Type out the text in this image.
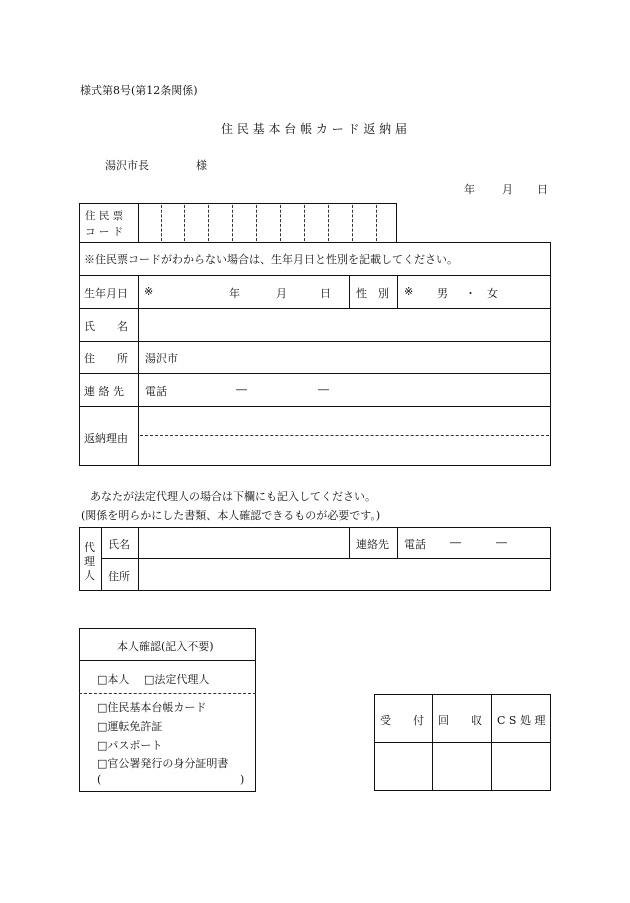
様式第8号(第12条関係)
住 民 基 本 台 帳 カ ー ド 返 納 届
湯沢市長	様
年 月 日
住 民 票
コ ー ド
※住民票コードがわからない場合は、生年月日と性別を記載してください。
生年月日 ※	年	月	日 性　別 ※ 男 ・ 女
氏　　名
住　　所 湯沢市
連 絡 先 電話	―	―
返納理由
あなたが法定代理人の場合は下欄にも記入してください。
(関係を明らかにした書類、本人確認できるものが必要です。)
代
理
人
氏名	連絡先 電話 ―	―
住所
本人確認(記入不要)
□本人 □法定代理人
□住民基本台帳カード
□運転免許証
□パスポート
□官公署発行の身分証明書
(	)
受　　付 回　　収 C S 処 理
